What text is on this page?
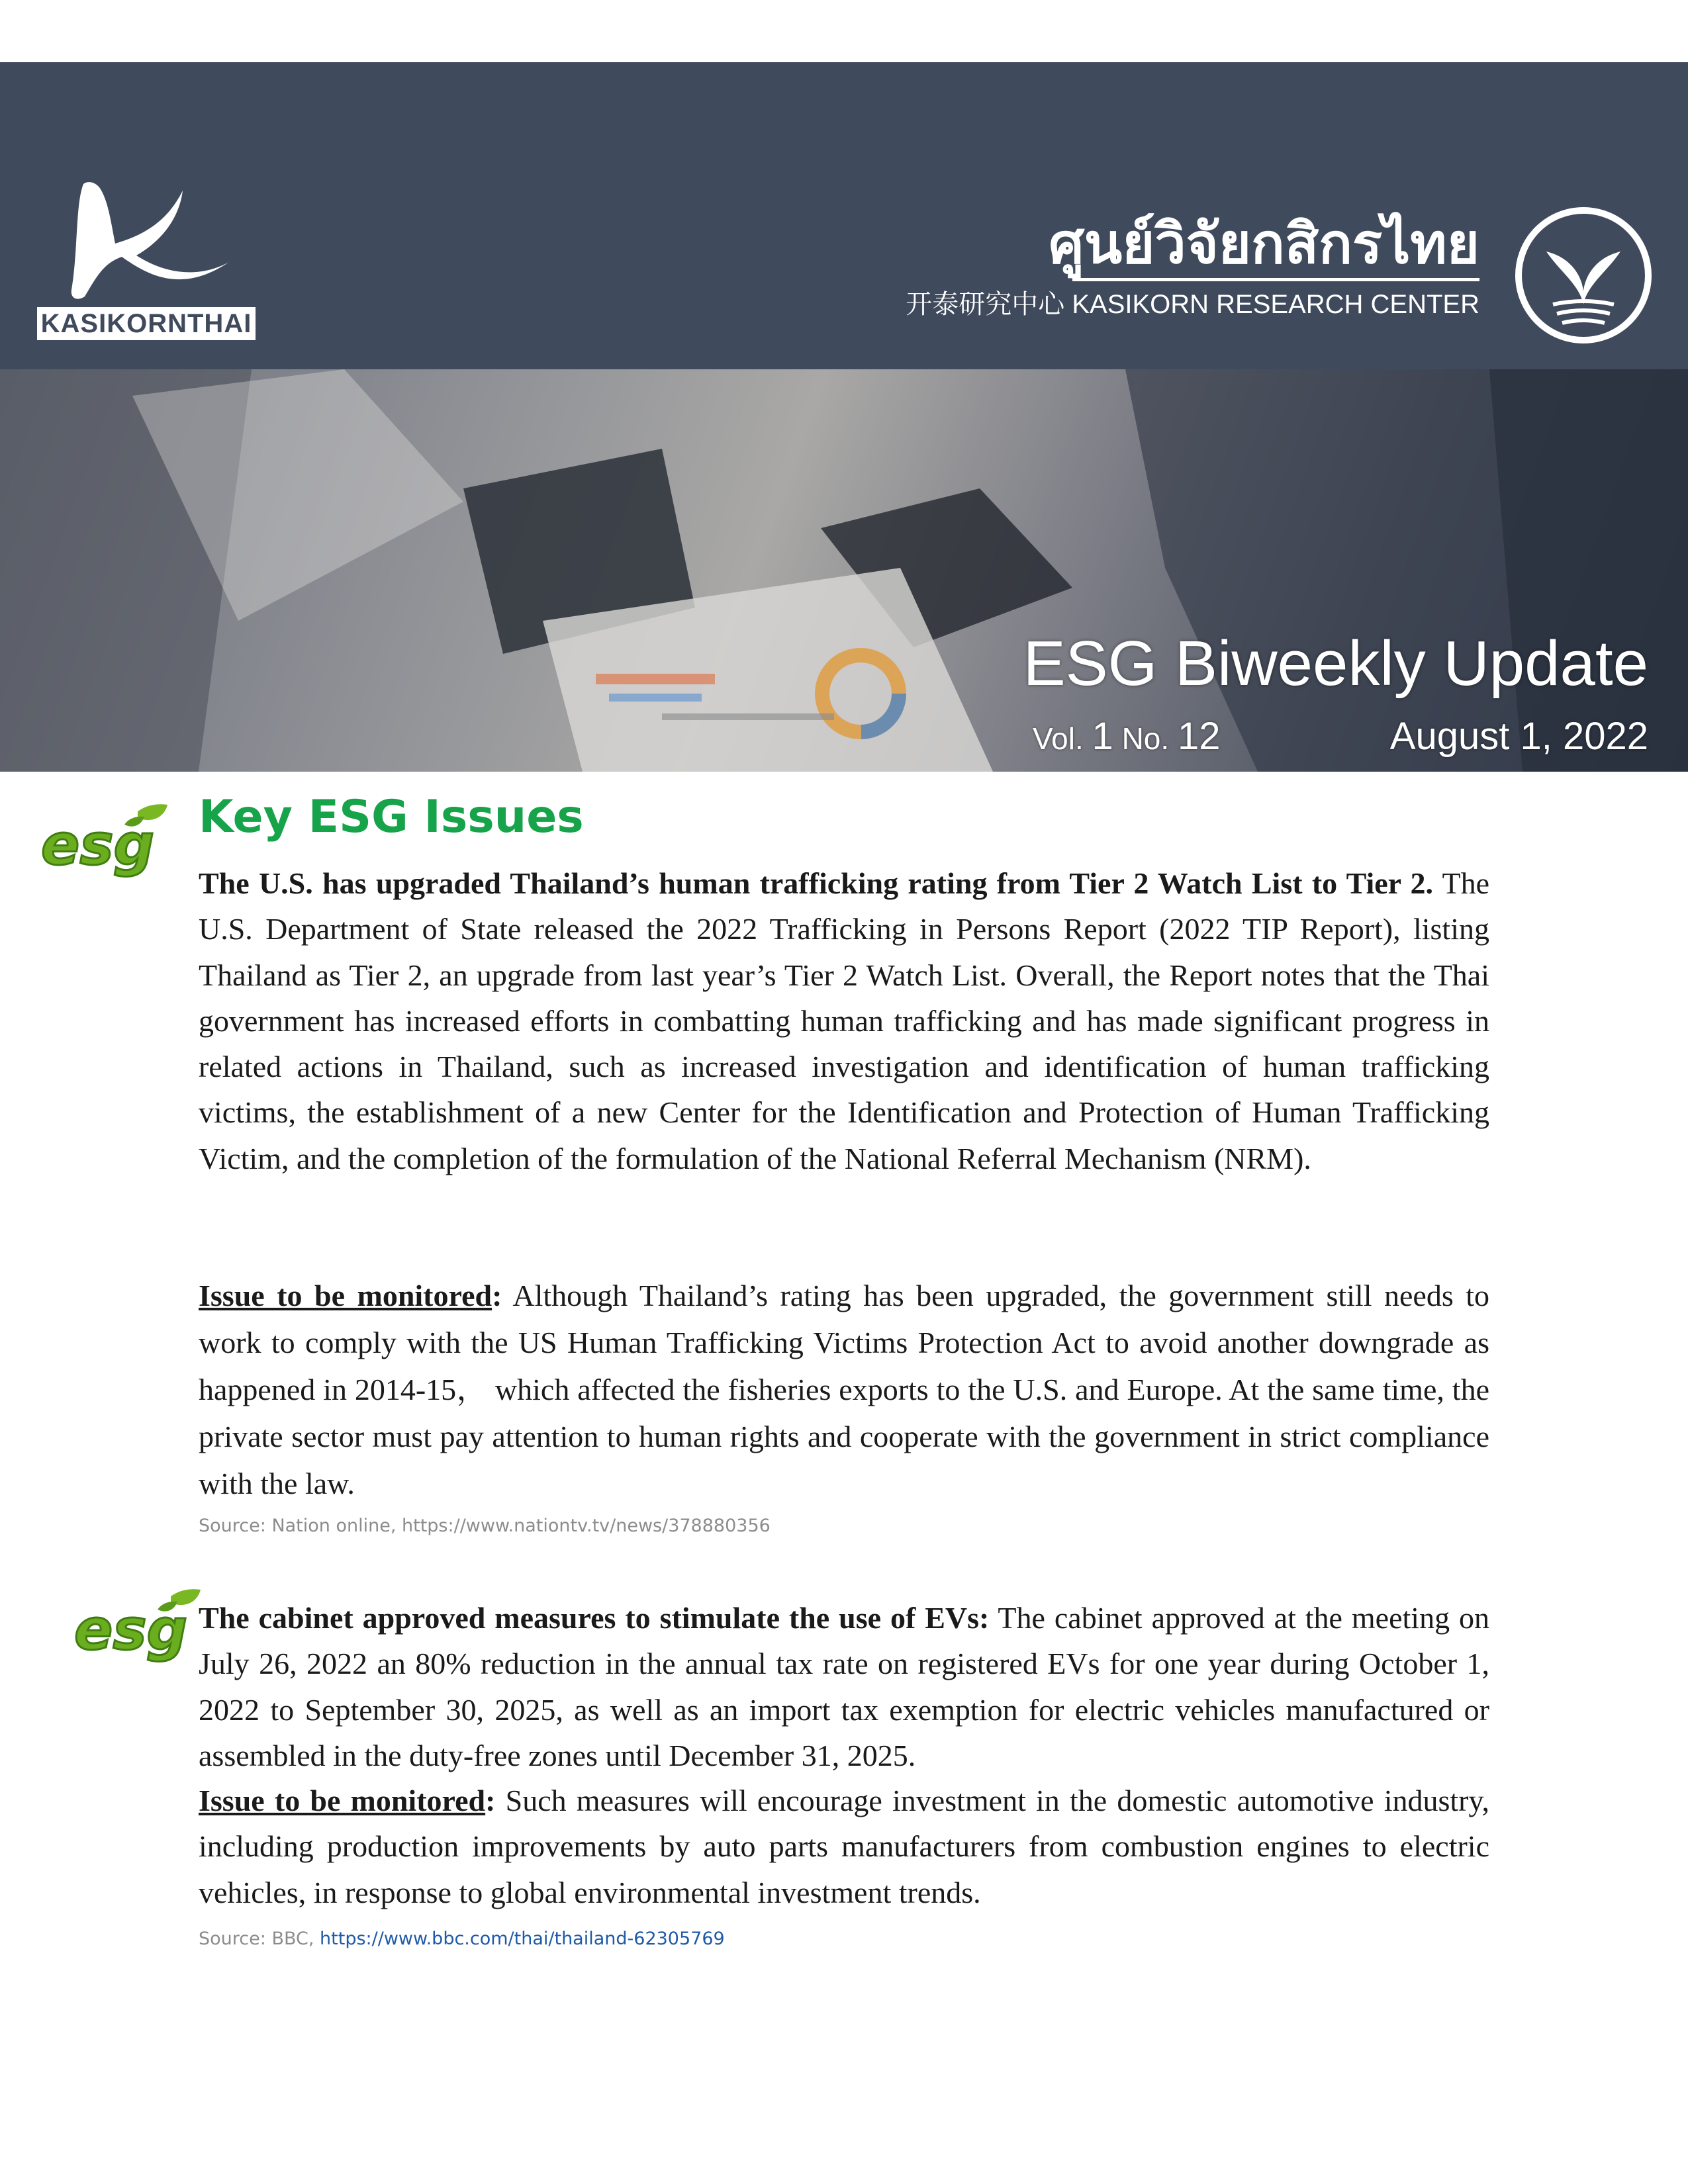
KASIKORNTHAI
ศูนย์วิจัยกสิกรไทย
开泰研究中心 KASIKORN RESEARCH CENTER
ESG Biweekly Update
Vol. 1 No. 12	August 1, 2022
esg
esg
Key ESG Issues

The U.S. has upgraded Thailand’s human trafficking rating from Tier 2 Watch List to Tier 2. The U.S. Department of State released the 2022 Trafficking in Persons Report (2022 TIP Report), listing Thailand as Tier 2, an upgrade from last year’s Tier 2 Watch List. Overall, the Report notes that the Thai government has increased efforts in combatting human trafficking and has made significant progress in related actions in Thailand, such as increased investigation and identification of human trafficking victims, the establishment of a new Center for the Identification and Protection of Human Trafficking Victim, and the completion of the formulation of the National Referral Mechanism (NRM).

Issue to be monitored: Although Thailand’s rating has been upgraded, the government still needs to work to comply with the US Human Trafficking Victims Protection Act to avoid another downgrade as happened in 2014-15， which affected the fisheries exports to the U.S. and Europe. At the same time, the private sector must pay attention to human rights and cooperate with the government in strict compliance with the law.

Source: Nation online, https://www.nationtv.tv/news/378880356

The cabinet approved measures to stimulate the use of EVs: The cabinet approved at the meeting on July 26, 2022 an 80% reduction in the annual tax rate on registered EVs for one year during October 1, 2022 to September 30, 2025, as well as an import tax exemption for electric vehicles manufactured or assembled in the duty-free zones until December 31, 2025.

Issue to be monitored: Such measures will encourage investment in the domestic automotive industry, including production improvements by auto parts manufacturers from combustion engines to electric vehicles, in response to global environmental investment trends.

Source: BBC, https://www.bbc.com/thai/thailand-62305769
